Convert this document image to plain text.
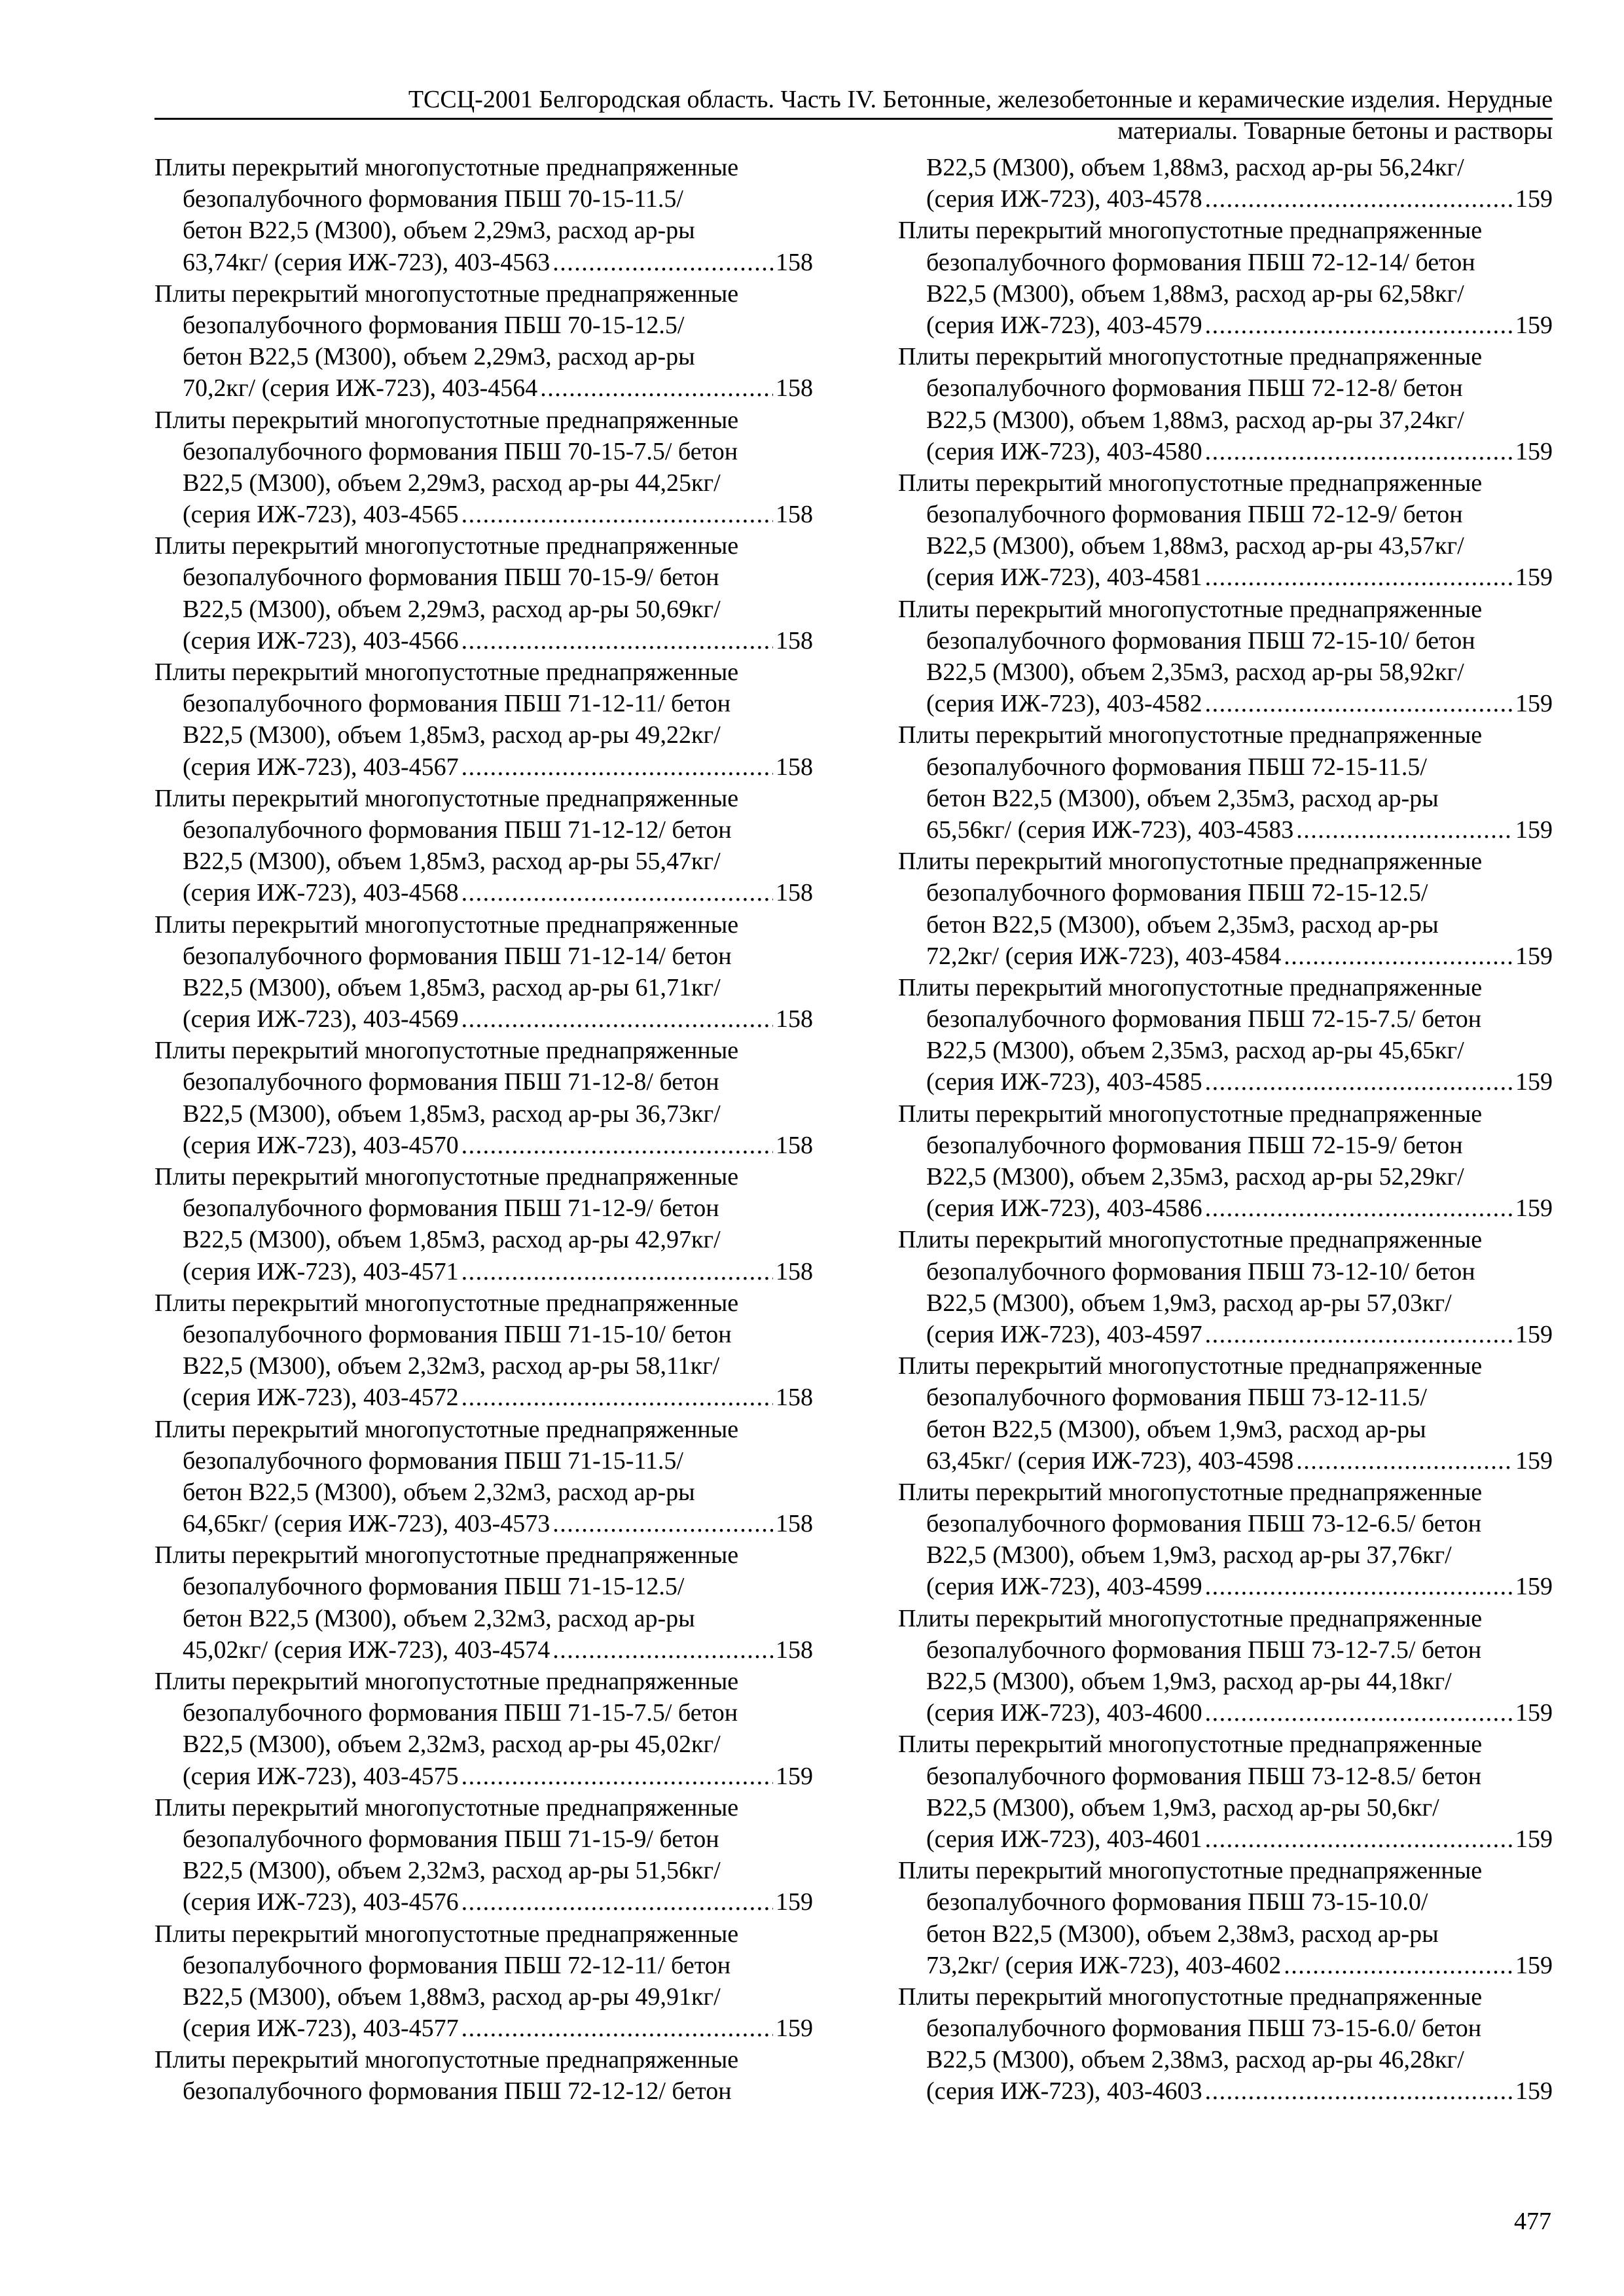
ТССЦ-2001 Белгородская область. Часть IV. Бетонные, железобетонные и керамические изделия. Нерудные
материалы. Товарные бетоны и растворы
Плиты перекрытий многопустотные преднапряженные
безопалубочного формования ПБШ 70-15-11.5/
бетон В22,5 (М300), объем 2,29м3, расход ар-ры
63,74кг/ (серия ИЖ-723), 403-4563 .....	158
Плиты перекрытий многопустотные преднапряженные
безопалубочного формования ПБШ 70-15-12.5/
бетон В22,5 (М300), объем 2,29м3, расход ар-ры
70,2кг/ (серия ИЖ-723), 403-4564 .....	158
Плиты перекрытий многопустотные преднапряженные
безопалубочного формования ПБШ 70-15-7.5/ бетон
В22,5 (М300), объем 2,29м3, расход ар-ры 44,25кг/
(серия ИЖ-723), 403-4565 .....	158
Плиты перекрытий многопустотные преднапряженные
безопалубочного формования ПБШ 70-15-9/ бетон
В22,5 (М300), объем 2,29м3, расход ар-ры 50,69кг/
(серия ИЖ-723), 403-4566 .....	158
Плиты перекрытий многопустотные преднапряженные
безопалубочного формования ПБШ 71-12-11/ бетон
В22,5 (М300), объем 1,85м3, расход ар-ры 49,22кг/
(серия ИЖ-723), 403-4567 .....	158
Плиты перекрытий многопустотные преднапряженные
безопалубочного формования ПБШ 71-12-12/ бетон
В22,5 (М300), объем 1,85м3, расход ар-ры 55,47кг/
(серия ИЖ-723), 403-4568 .....	158
Плиты перекрытий многопустотные преднапряженные
безопалубочного формования ПБШ 71-12-14/ бетон
В22,5 (М300), объем 1,85м3, расход ар-ры 61,71кг/
(серия ИЖ-723), 403-4569 .....	158
Плиты перекрытий многопустотные преднапряженные
безопалубочного формования ПБШ 71-12-8/ бетон
В22,5 (М300), объем 1,85м3, расход ар-ры 36,73кг/
(серия ИЖ-723), 403-4570 .....	158
Плиты перекрытий многопустотные преднапряженные
безопалубочного формования ПБШ 71-12-9/ бетон
В22,5 (М300), объем 1,85м3, расход ар-ры 42,97кг/
(серия ИЖ-723), 403-4571 .....	158
Плиты перекрытий многопустотные преднапряженные
безопалубочного формования ПБШ 71-15-10/ бетон
В22,5 (М300), объем 2,32м3, расход ар-ры 58,11кг/
(серия ИЖ-723), 403-4572 .....	158
Плиты перекрытий многопустотные преднапряженные
безопалубочного формования ПБШ 71-15-11.5/
бетон В22,5 (М300), объем 2,32м3, расход ар-ры
64,65кг/ (серия ИЖ-723), 403-4573 .....	158
Плиты перекрытий многопустотные преднапряженные
безопалубочного формования ПБШ 71-15-12.5/
бетон В22,5 (М300), объем 2,32м3, расход ар-ры
45,02кг/ (серия ИЖ-723), 403-4574 .....	158
Плиты перекрытий многопустотные преднапряженные
безопалубочного формования ПБШ 71-15-7.5/ бетон
В22,5 (М300), объем 2,32м3, расход ар-ры 45,02кг/
(серия ИЖ-723), 403-4575 .....	159
Плиты перекрытий многопустотные преднапряженные
безопалубочного формования ПБШ 71-15-9/ бетон
В22,5 (М300), объем 2,32м3, расход ар-ры 51,56кг/
(серия ИЖ-723), 403-4576 .....	159
Плиты перекрытий многопустотные преднапряженные
безопалубочного формования ПБШ 72-12-11/ бетон
В22,5 (М300), объем 1,88м3, расход ар-ры 49,91кг/
(серия ИЖ-723), 403-4577 .....	159
Плиты перекрытий многопустотные преднапряженные
безопалубочного формования ПБШ 72-12-12/ бетон
В22,5 (М300), объем 1,88м3, расход ар-ры 56,24кг/
(серия ИЖ-723), 403-4578 .....	159
Плиты перекрытий многопустотные преднапряженные
безопалубочного формования ПБШ 72-12-14/ бетон
В22,5 (М300), объем 1,88м3, расход ар-ры 62,58кг/
(серия ИЖ-723), 403-4579 .....	159
Плиты перекрытий многопустотные преднапряженные
безопалубочного формования ПБШ 72-12-8/ бетон
В22,5 (М300), объем 1,88м3, расход ар-ры 37,24кг/
(серия ИЖ-723), 403-4580 .....	159
Плиты перекрытий многопустотные преднапряженные
безопалубочного формования ПБШ 72-12-9/ бетон
В22,5 (М300), объем 1,88м3, расход ар-ры 43,57кг/
(серия ИЖ-723), 403-4581 .....	159
Плиты перекрытий многопустотные преднапряженные
безопалубочного формования ПБШ 72-15-10/ бетон
В22,5 (М300), объем 2,35м3, расход ар-ры 58,92кг/
(серия ИЖ-723), 403-4582 .....	159
Плиты перекрытий многопустотные преднапряженные
безопалубочного формования ПБШ 72-15-11.5/
бетон В22,5 (М300), объем 2,35м3, расход ар-ры
65,56кг/ (серия ИЖ-723), 403-4583 .....	159
Плиты перекрытий многопустотные преднапряженные
безопалубочного формования ПБШ 72-15-12.5/
бетон В22,5 (М300), объем 2,35м3, расход ар-ры
72,2кг/ (серия ИЖ-723), 403-4584 .....	159
Плиты перекрытий многопустотные преднапряженные
безопалубочного формования ПБШ 72-15-7.5/ бетон
В22,5 (М300), объем 2,35м3, расход ар-ры 45,65кг/
(серия ИЖ-723), 403-4585 .....	159
Плиты перекрытий многопустотные преднапряженные
безопалубочного формования ПБШ 72-15-9/ бетон
В22,5 (М300), объем 2,35м3, расход ар-ры 52,29кг/
(серия ИЖ-723), 403-4586 .....	159
Плиты перекрытий многопустотные преднапряженные
безопалубочного формования ПБШ 73-12-10/ бетон
В22,5 (М300), объем 1,9м3, расход ар-ры 57,03кг/
(серия ИЖ-723), 403-4597 .....	159
Плиты перекрытий многопустотные преднапряженные
безопалубочного формования ПБШ 73-12-11.5/
бетон В22,5 (М300), объем 1,9м3, расход ар-ры
63,45кг/ (серия ИЖ-723), 403-4598 .....	159
Плиты перекрытий многопустотные преднапряженные
безопалубочного формования ПБШ 73-12-6.5/ бетон
В22,5 (М300), объем 1,9м3, расход ар-ры 37,76кг/
(серия ИЖ-723), 403-4599 .....	159
Плиты перекрытий многопустотные преднапряженные
безопалубочного формования ПБШ 73-12-7.5/ бетон
В22,5 (М300), объем 1,9м3, расход ар-ры 44,18кг/
(серия ИЖ-723), 403-4600 .....	159
Плиты перекрытий многопустотные преднапряженные
безопалубочного формования ПБШ 73-12-8.5/ бетон
В22,5 (М300), объем 1,9м3, расход ар-ры 50,6кг/
(серия ИЖ-723), 403-4601 .....	159
Плиты перекрытий многопустотные преднапряженные
безопалубочного формования ПБШ 73-15-10.0/
бетон В22,5 (М300), объем 2,38м3, расход ар-ры
73,2кг/ (серия ИЖ-723), 403-4602 .....	159
Плиты перекрытий многопустотные преднапряженные
безопалубочного формования ПБШ 73-15-6.0/ бетон
В22,5 (М300), объем 2,38м3, расход ар-ры 46,28кг/
(серия ИЖ-723), 403-4603 .....	159
477
